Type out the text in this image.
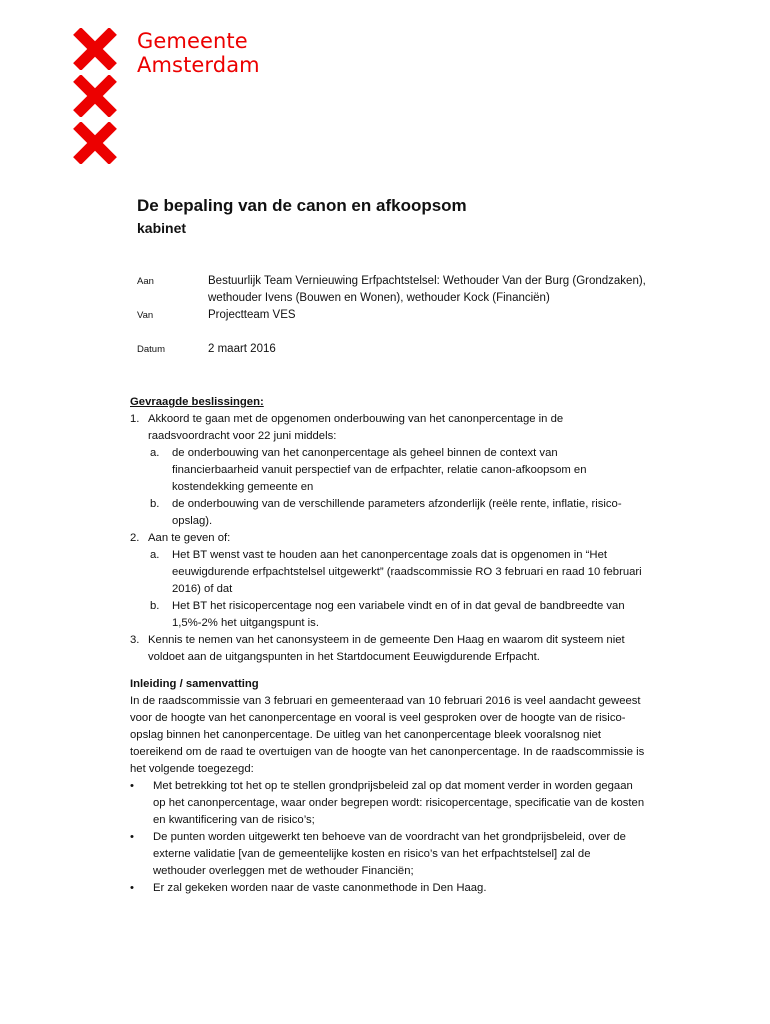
Gemeente
Amsterdam
De bepaling van de canon en afkoopsom
kabinet
Aan	Bestuurlijk Team Vernieuwing Erfpachtstelsel: Wethouder Van der Burg (Grondzaken), wethouder Ivens (Bouwen en Wonen), wethouder Kock (Financiën)
Van	Projectteam VES
Datum	2 maart 2016
Gevraagde beslissingen:
1. Akkoord te gaan met de opgenomen onderbouwing van het canonpercentage in de raadsvoordracht voor 22 juni middels:
a.	de onderbouwing van het canonpercentage als geheel binnen de context van financierbaarheid vanuit perspectief van de erfpachter, relatie canon-afkoopsom en kostendekking gemeente en
b.	de onderbouwing van de verschillende parameters afzonderlijk (reële rente, inflatie, risico-opslag).
2. Aan te geven of:
a.	Het BT wenst vast te houden aan het canonpercentage zoals dat is opgenomen in “Het eeuwigdurende erfpachtstelsel uitgewerkt” (raadscommissie RO 3 februari en raad 10 februari 2016) of dat
b.	Het BT het risicopercentage nog een variabele vindt en of in dat geval de bandbreedte van 1,5%-2% het uitgangspunt is.
3. Kennis te nemen van het canonsysteem in de gemeente Den Haag en waarom dit systeem niet voldoet aan de uitgangspunten in het Startdocument Eeuwigdurende Erfpacht.
Inleiding / samenvatting
In de raadscommissie van 3 februari en gemeenteraad van 10 februari 2016 is veel aandacht geweest voor de hoogte van het canonpercentage en vooral is veel gesproken over de hoogte van de risico-opslag binnen het canonpercentage. De uitleg van het canonpercentage bleek vooralsnog niet toereikend om de raad te overtuigen van de hoogte van het canonpercentage. In de raadscommissie is het volgende toegezegd:
•	Met betrekking tot het op te stellen grondprijsbeleid zal op dat moment verder in worden gegaan op het canonpercentage, waar onder begrepen wordt: risicopercentage, specificatie van de kosten en kwantificering van de risico’s;
•	De punten worden uitgewerkt ten behoeve van de voordracht van het grondprijsbeleid, over de externe validatie [van de gemeentelijke kosten en risico’s van het erfpachtstelsel] zal de wethouder overleggen met de wethouder Financiën;
•	Er zal gekeken worden naar de vaste canonmethode in Den Haag.
